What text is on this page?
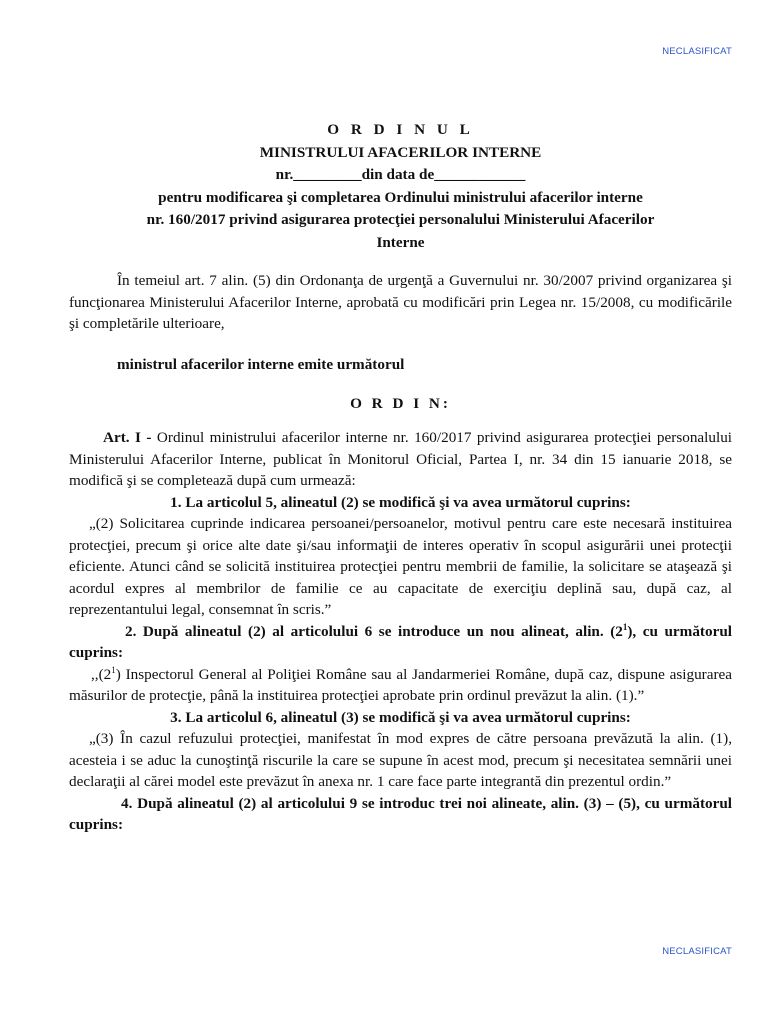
NECLASIFICAT
O R D I N U L
MINISTRULUI AFACERILOR INTERNE
nr._________din data de____________
pentru modificarea şi completarea Ordinului ministrului afacerilor interne
nr. 160/2017 privind asigurarea protecţiei personalului Ministerului Afacerilor
Interne

În temeiul art. 7 alin. (5) din Ordonanţa de urgenţă a Guvernului nr. 30/2007 privind organizarea şi funcţionarea Ministerului Afacerilor Interne, aprobată cu modificări prin Legea nr. 15/2008, cu modificările şi completările ulterioare,

ministrul afacerilor interne emite următorul

O R D I N:

Art. I - Ordinul ministrului afacerilor interne nr. 160/2017 privind asigurarea protecţiei personalului Ministerului Afacerilor Interne, publicat în Monitorul Oficial, Partea I, nr. 34 din 15 ianuarie 2018, se modifică şi se completează după cum urmează:

1. La articolul 5, alineatul (2) se modifică şi va avea următorul cuprins:

„(2) Solicitarea cuprinde indicarea persoanei/persoanelor, motivul pentru care este necesară instituirea protecţiei, precum şi orice alte date şi/sau informaţii de interes operativ în scopul asigurării unei protecţii eficiente. Atunci când se solicită instituirea protecţiei pentru membrii de familie, la solicitare se ataşează şi acordul expres al membrilor de familie ce au capacitate de exerciţiu deplină sau, după caz, al reprezentantului legal, consemnat în scris.”

2. După alineatul (2) al articolului 6 se introduce un nou alineat, alin. $(2^1)$, cu următorul cuprins:

$,,(2^1)$ Inspectorul General al Poliţiei Române sau al Jandarmeriei Române, după caz, dispune asigurarea măsurilor de protecţie, până la instituirea protecţiei aprobate prin ordinul prevăzut la alin. (1).”

3. La articolul 6, alineatul (3) se modifică şi va avea următorul cuprins:

„(3) În cazul refuzului protecţiei, manifestat în mod expres de către persoana prevăzută la alin. (1), acesteia i se aduc la cunoştinţă riscurile la care se supune în acest mod, precum şi necesitatea semnării unei declaraţii al cărei model este prevăzut în anexa nr. 1 care face parte integrantă din prezentul ordin.”

4. După alineatul (2) al articolului 9 se introduc trei noi alineate, alin. (3) – (5), cu următorul cuprins:

NECLASIFICAT
